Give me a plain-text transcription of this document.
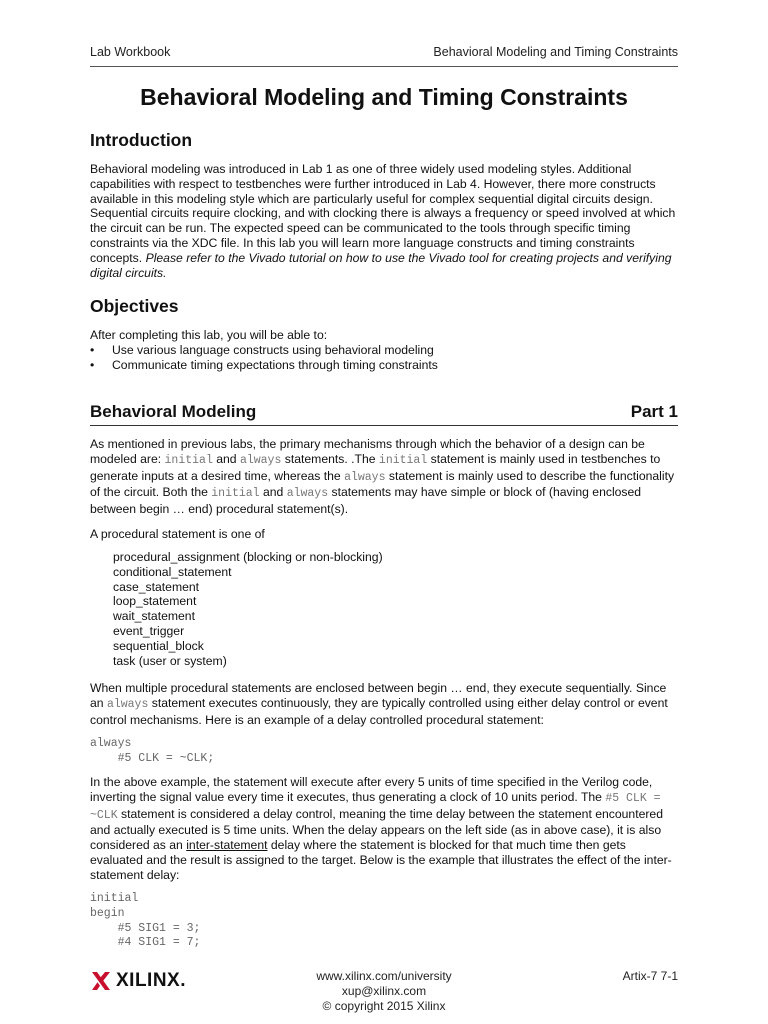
Lab Workbook	Behavioral Modeling and Timing Constraints
Behavioral Modeling and Timing Constraints
Introduction

Behavioral modeling was introduced in Lab 1 as one of three widely used modeling styles. Additional capabilities with respect to testbenches were further introduced in Lab 4. However, there more constructs available in this modeling style which are particularly useful for complex sequential digital circuits design. Sequential circuits require clocking, and with clocking there is always a frequency or speed involved at which the circuit can be run. The expected speed can be communicated to the tools through specific timing constraints via the XDC file. In this lab you will learn more language constructs and timing constraints concepts. Please refer to the Vivado tutorial on how to use the Vivado tool for creating projects and verifying digital circuits.

Objectives

After completing this lab, you will be able to:

• Use various language constructs using behavioral modeling
• Communicate timing expectations through timing constraints
Behavioral Modeling	Part 1

As mentioned in previous labs, the primary mechanisms through which the behavior of a design can be modeled are: initial and always statements. .The initial statement is mainly used in testbenches to generate inputs at a desired time, whereas the always statement is mainly used to describe the functionality of the circuit. Both the initial and always statements may have simple or block of (having enclosed between begin … end) procedural statement(s).

A procedural statement is one of
procedural_assignment (blocking or non-blocking)
conditional_statement
case_statement
loop_statement
wait_statement
event_trigger
sequential_block
task (user or system)

When multiple procedural statements are enclosed between begin … end, they execute sequentially. Since an always statement executes continuously, they are typically controlled using either delay control or event control mechanisms. Here is an example of a delay controlled procedural statement:

always
#5 CLK = ~CLK;

In the above example, the statement will execute after every 5 units of time specified in the Verilog code, inverting the signal value every time it executes, thus generating a clock of 10 units period. The #5 CLK = ~CLK statement is considered a delay control, meaning the time delay between the statement encountered and actually executed is 5 time units. When the delay appears on the left side (as in above case), it is also considered as an inter-statement delay where the statement is blocked for that much time then gets evaluated and the result is assigned to the target. Below is the example that illustrates the effect of the inter-statement delay:

initial
begin
#5 SIG1 = 3;
#4 SIG1 = 7;
XILINX.	www.xilinx.com/university
xup@xilinx.com
© copyright 2015 Xilinx
Artix-7 7-1
